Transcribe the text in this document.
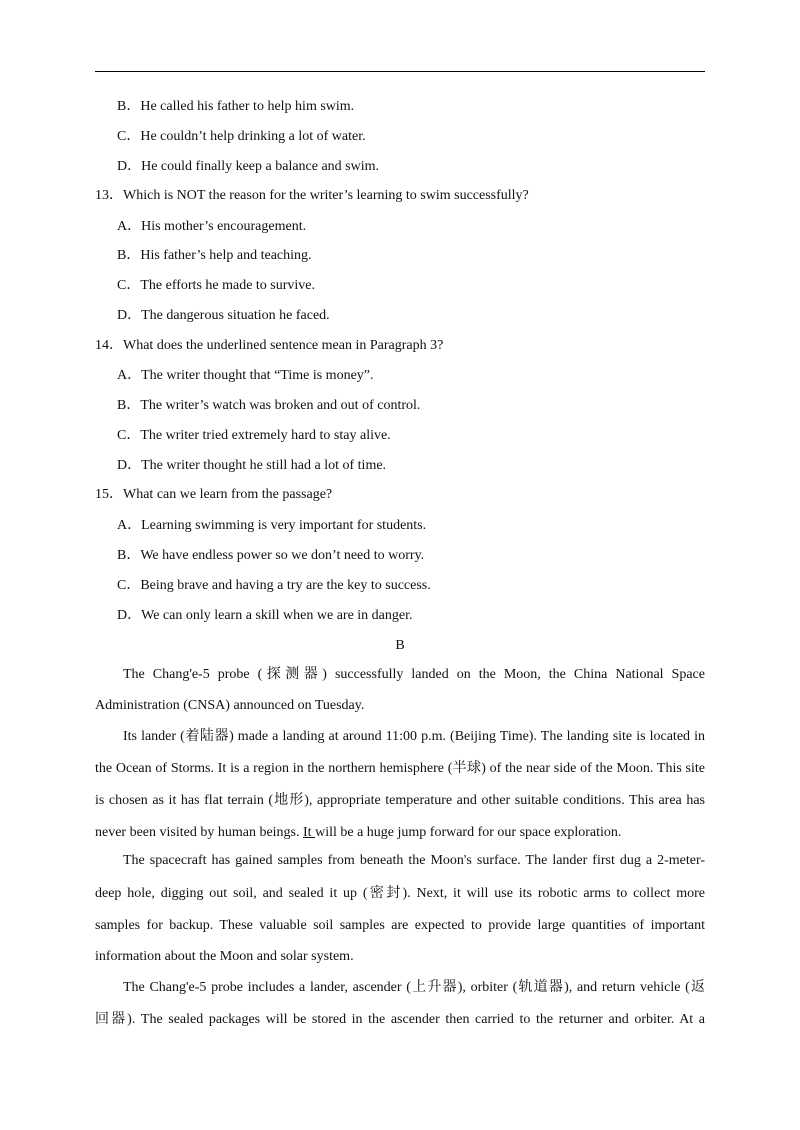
B．He called his father to help him swim.
C．He couldn’t help drinking a lot of water.
D．He could finally keep a balance and swim.
13．Which is NOT the reason for the writer’s learning to swim successfully?
A．His mother’s encouragement.
B．His father’s help and teaching.
C．The efforts he made to survive.
D．The dangerous situation he faced.
14．What does the underlined sentence mean in Paragraph 3?
A．The writer thought that “Time is money”.
B．The writer’s watch was broken and out of control.
C．The writer tried extremely hard to stay alive.
D．The writer thought he still had a lot of time.
15．What can we learn from the passage?
A．Learning swimming is very important for students.
B．We have endless power so we don’t need to worry.
C．Being brave and having a try are the key to success.
D．We can only learn a skill when we are in danger.
B
The Chang'e-5 probe (探测器) successfully landed on the Moon, the China National Space
Administration (CNSA) announced on Tuesday.
Its lander (着陆器) made a landing at around 11:00 p.m. (Beijing Time). The landing site is located in
the Ocean of Storms. It is a region in the northern hemisphere (半球) of the near side of the Moon. This site
is chosen as it has flat terrain (地形), appropriate temperature and other suitable conditions. This area has
never been visited by human beings. It will be a huge jump forward for our space exploration.
The spacecraft has gained samples from beneath the Moon's surface. The lander first dug a 2-meter-
deep hole, digging out soil, and sealed it up (密封). Next, it will use its robotic arms to collect more
samples for backup. These valuable soil samples are expected to provide large quantities of important
information about the Moon and solar system.
The Chang'e-5 probe includes a lander, ascender (上升器), orbiter (轨道器), and return vehicle (返
回器). The sealed packages will be stored in the ascender then carried to the returner and orbiter. At a
